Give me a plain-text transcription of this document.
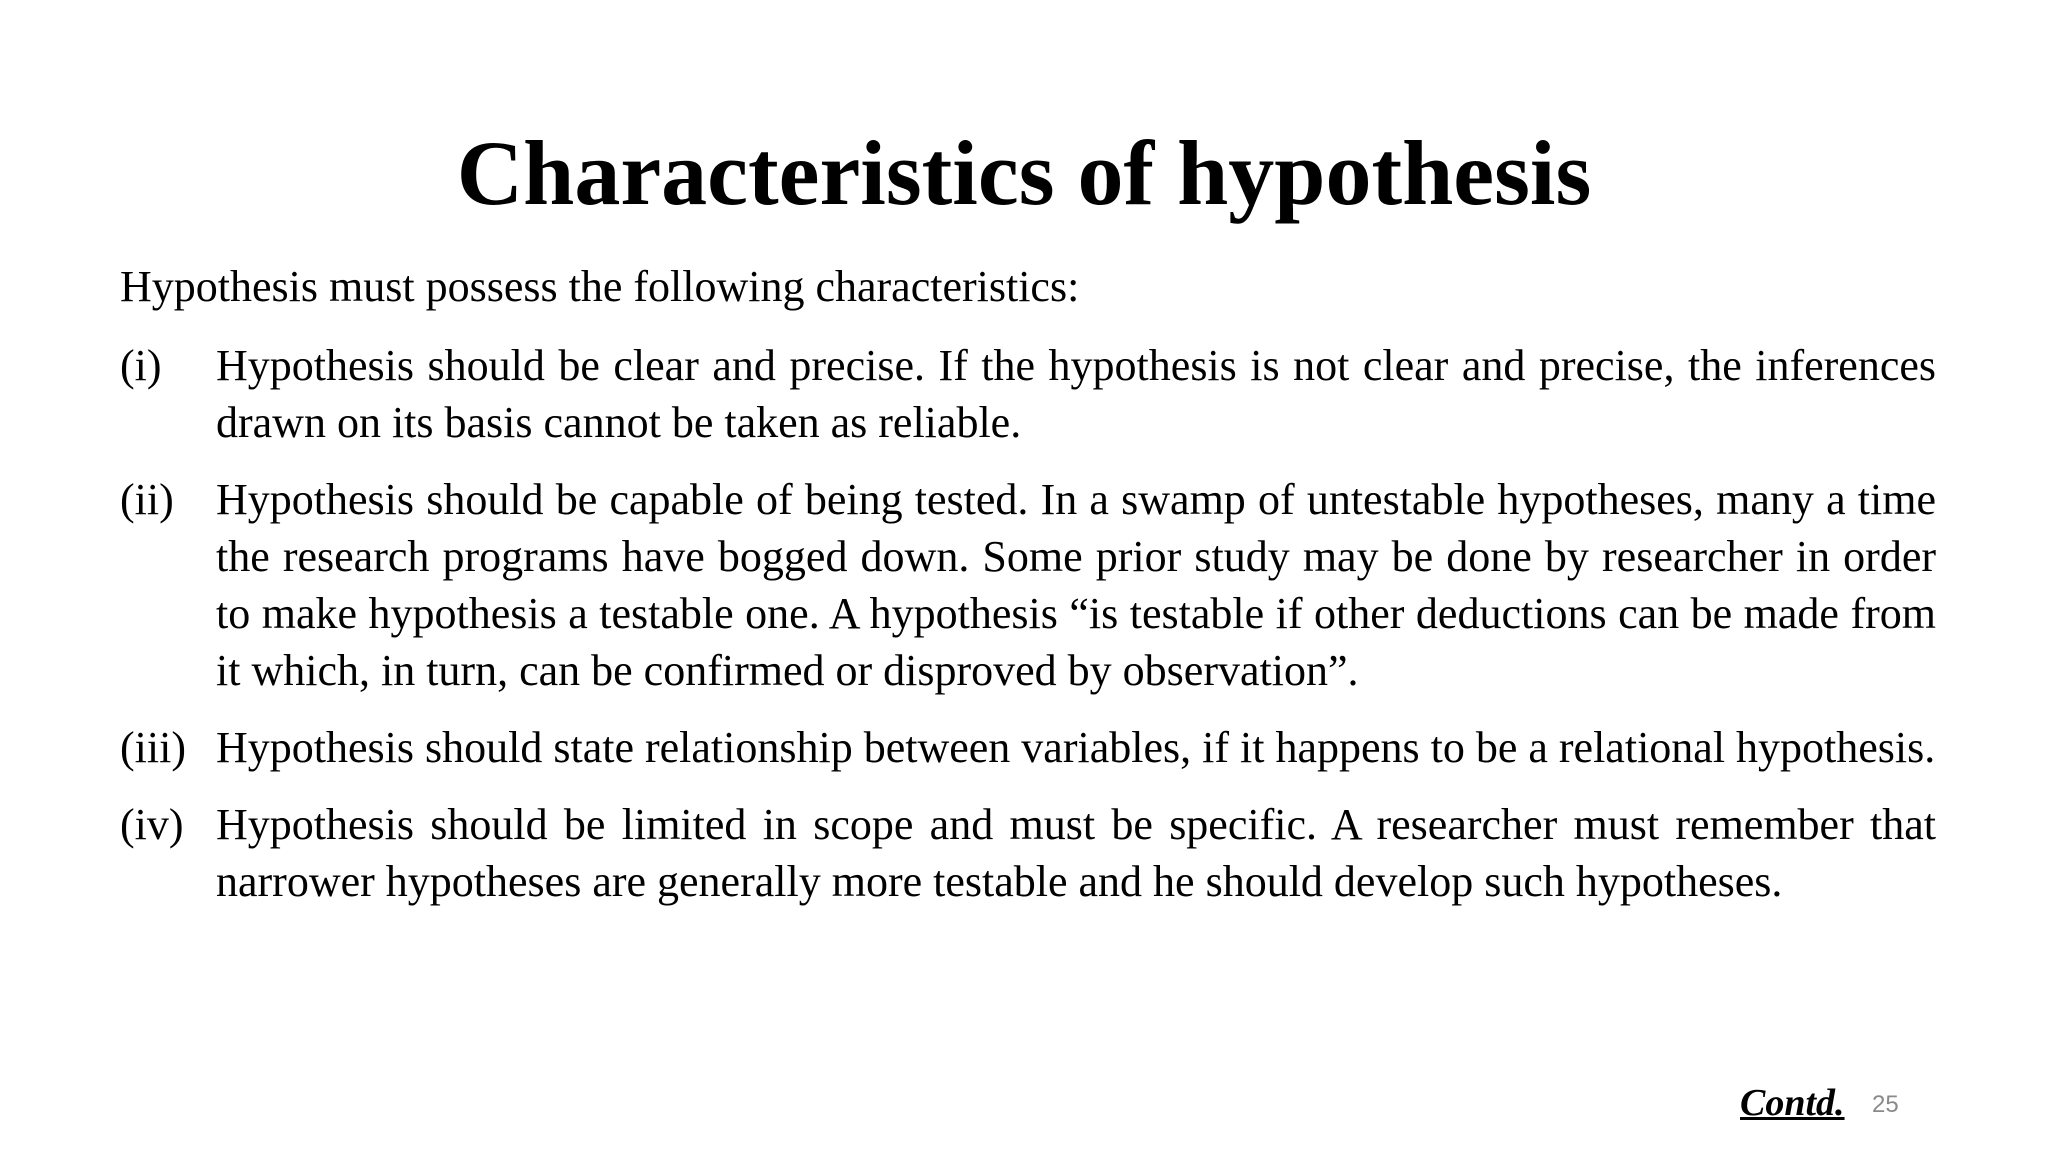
Characteristics of hypothesis
Hypothesis must possess the following characteristics:
(i)	Hypothesis should be clear and precise. If the hypothesis is not clear and precise, the inferences drawn on its basis cannot be taken as reliable.
(ii) Hypothesis should be capable of being tested. In a swamp of untestable hypotheses, many a time the research programs have bogged down. Some prior study may be done by researcher in order to make hypothesis a testable one. A hypothesis “is testable if other deductions can be made from it which, in turn, can be confirmed or disproved by observation”.
(iii) Hypothesis should state relationship between variables, if it happens to be a relational hypothesis.
(iv) Hypothesis should be limited in scope and must be specific. A researcher must remember that narrower hypotheses are generally more testable and he should develop such hypotheses.
Contd. 25
